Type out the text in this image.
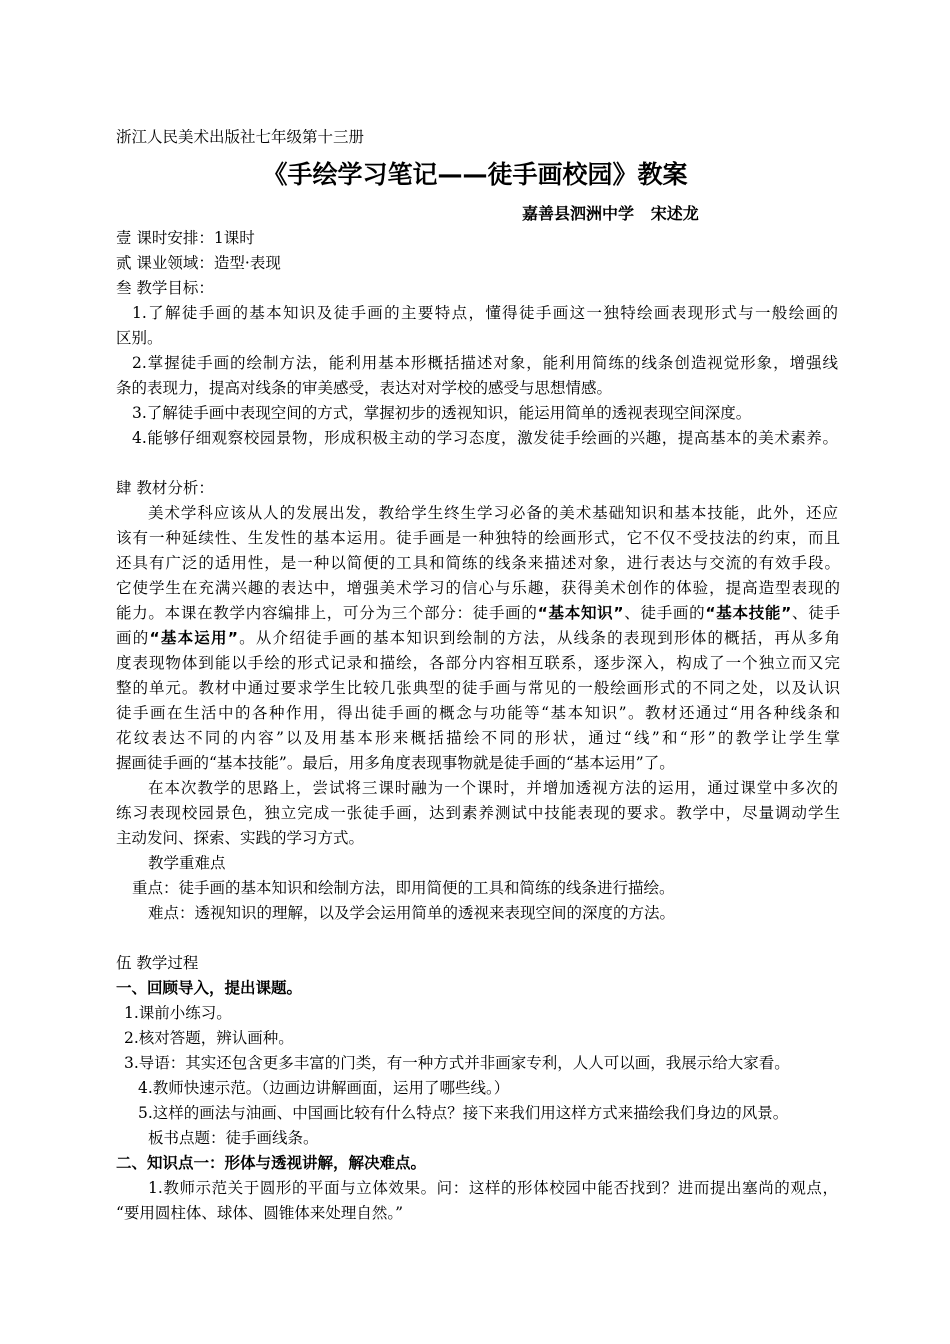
浙江人民美术出版社七年级第十三册
《手绘学习笔记——徒手画校园》教案
嘉善县泗洲中学   宋述龙
壹 课时安排：1课时
贰 课业领域：造型·表现
叁 教学目标：
1.了解徒手画的基本知识及徒手画的主要特点，懂得徒手画这一独特绘画表现形式与一般绘画的
区别。
2.掌握徒手画的绘制方法，能利用基本形概括描述对象，能利用简练的线条创造视觉形象，增强线
条的表现力，提高对线条的审美感受，表达对对学校的感受与思想情感。
3.了解徒手画中表现空间的方式，掌握初步的透视知识，能运用简单的透视表现空间深度。
4.能够仔细观察校园景物，形成积极主动的学习态度，激发徒手绘画的兴趣，提高基本的美术素养。
肆 教材分析：
美术学科应该从人的发展出发，教给学生终生学习必备的美术基础知识和基本技能，此外，还应
该有一种延续性、生发性的基本运用。徒手画是一种独特的绘画形式，它不仅不受技法的约束，而且
还具有广泛的适用性，是一种以简便的工具和简练的线条来描述对象，进行表达与交流的有效手段。
它使学生在充满兴趣的表达中，增强美术学习的信心与乐趣，获得美术创作的体验，提高造型表现的
能力。本课在教学内容编排上，可分为三个部分：徒手画的“基本知识”、徒手画的“基本技能”、徒手
画的“基本运用”。从介绍徒手画的基本知识到绘制的方法，从线条的表现到形体的概括，再从多角
度表现物体到能以手绘的形式记录和描绘，各部分内容相互联系，逐步深入，构成了一个独立而又完
整的单元。教材中通过要求学生比较几张典型的徒手画与常见的一般绘画形式的不同之处，以及认识
徒手画在生活中的各种作用，得出徒手画的概念与功能等“基本知识”。教材还通过“用各种线条和
花纹表达不同的内容”以及用基本形来概括描绘不同的形状，通过“线”和“形”的教学让学生掌
握画徒手画的“基本技能”。最后，用多角度表现事物就是徒手画的“基本运用”了。
在本次教学的思路上，尝试将三课时融为一个课时，并增加透视方法的运用，通过课堂中多次的
练习表现校园景色，独立完成一张徒手画，达到素养测试中技能表现的要求。教学中，尽量调动学生
主动发问、探索、实践的学习方式。
教学重难点
重点：徒手画的基本知识和绘制方法，即用简便的工具和简练的线条进行描绘。
难点：透视知识的理解，以及学会运用简单的透视来表现空间的深度的方法。
伍 教学过程
一、回顾导入，提出课题。
1.课前小练习。
2.核对答题，辨认画种。
3.导语：其实还包含更多丰富的门类，有一种方式并非画家专利，人人可以画，我展示给大家看。
4.教师快速示范。（边画边讲解画面，运用了哪些线。）
5.这样的画法与油画、中国画比较有什么特点？接下来我们用这样方式来描绘我们身边的风景。
板书点题：徒手画线条。
二、知识点一：形体与透视讲解，解决难点。
1.教师示范关于圆形的平面与立体效果。问：这样的形体校园中能否找到？进而提出塞尚的观点，
“要用圆柱体、球体、圆锥体来处理自然。”
